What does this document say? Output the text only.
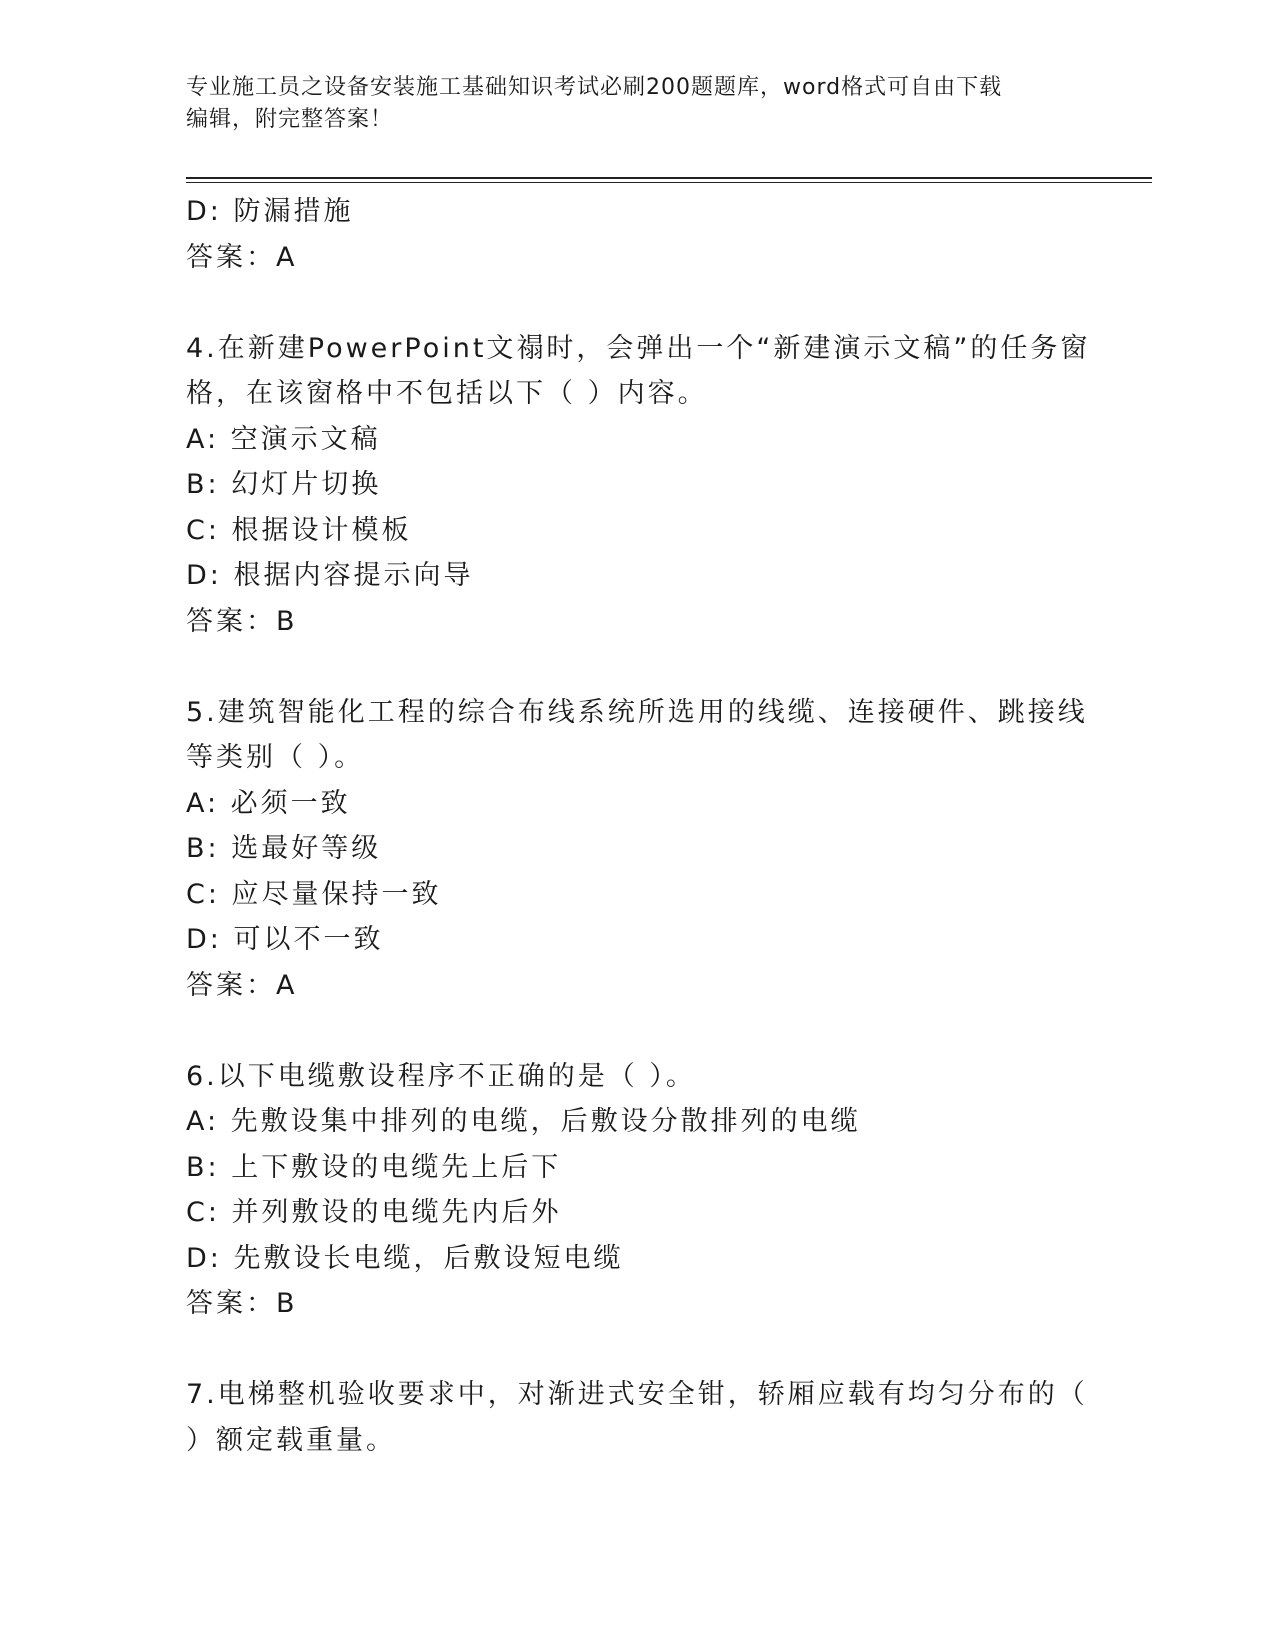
专业施工员之设备安装施工基础知识考试必刷200题题库，word格式可自由下载
编辑，附完整答案！
D: 防漏措施
答案：A
4.在新建PowerPoint文禢时，会弹出一个“新建演示文稿”的任务窗
格，在该窗格中不包括以下（ ）内容。
A: 空演示文稿
B: 幻灯片切换
C: 根据设计模板
D: 根据内容提示向导
答案：B
5.建筑智能化工程的综合布线系统所选用的线缆、连接硬件、跳接线
等类别（ ）。
A: 必须一致
B: 选最好等级
C: 应尽量保持一致
D: 可以不一致
答案：A
6.以下电缆敷设程序不正确的是（ ）。
A: 先敷设集中排列的电缆，后敷设分散排列的电缆
B: 上下敷设的电缆先上后下
C: 并列敷设的电缆先内后外
D: 先敷设长电缆，后敷设短电缆
答案：B
7.电梯整机验收要求中，对渐进式安全钳，轿厢应载有均匀分布的（
）额定载重量。
